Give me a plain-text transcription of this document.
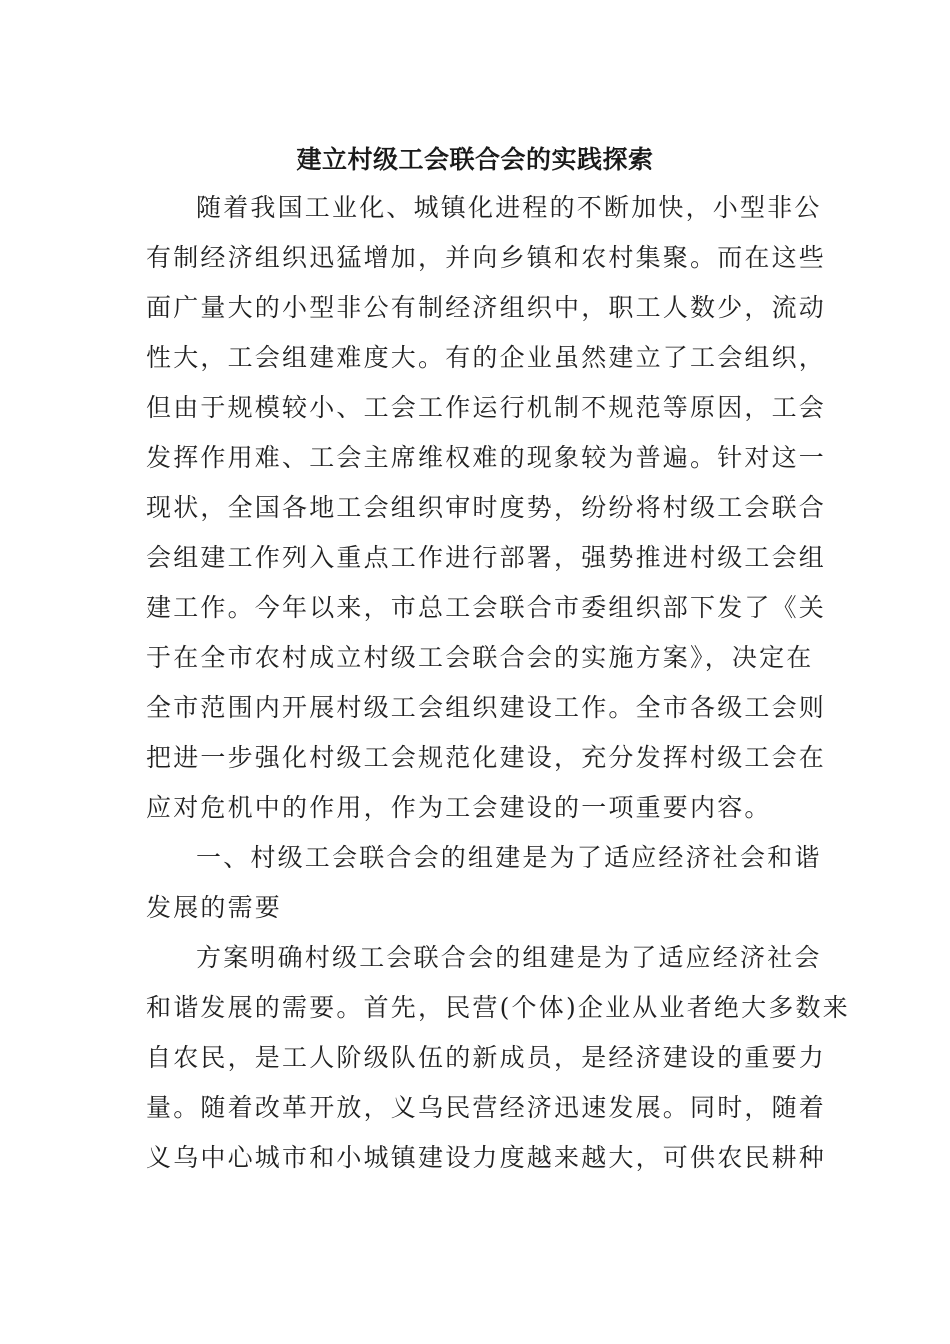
建立村级工会联合会的实践探索
随着我国工业化、城镇化进程的不断加快，小型非公
有制经济组织迅猛增加，并向乡镇和农村集聚。而在这些
面广量大的小型非公有制经济组织中，职工人数少，流动
性大，工会组建难度大。有的企业虽然建立了工会组织，
但由于规模较小、工会工作运行机制不规范等原因，工会
发挥作用难、工会主席维权难的现象较为普遍。针对这一
现状，全国各地工会组织审时度势，纷纷将村级工会联合
会组建工作列入重点工作进行部署，强势推进村级工会组
建工作。今年以来，市总工会联合市委组织部下发了《关
于在全市农村成立村级工会联合会的实施方案》，决定在
全市范围内开展村级工会组织建设工作。全市各级工会则
把进一步强化村级工会规范化建设，充分发挥村级工会在
应对危机中的作用，作为工会建设的一项重要内容。
一、村级工会联合会的组建是为了适应经济社会和谐
发展的需要
方案明确村级工会联合会的组建是为了适应经济社会
和谐发展的需要。首先，民营(个体)企业从业者绝大多数来
自农民，是工人阶级队伍的新成员，是经济建设的重要力
量。随着改革开放，义乌民营经济迅速发展。同时，随着
义乌中心城市和小城镇建设力度越来越大，可供农民耕种
